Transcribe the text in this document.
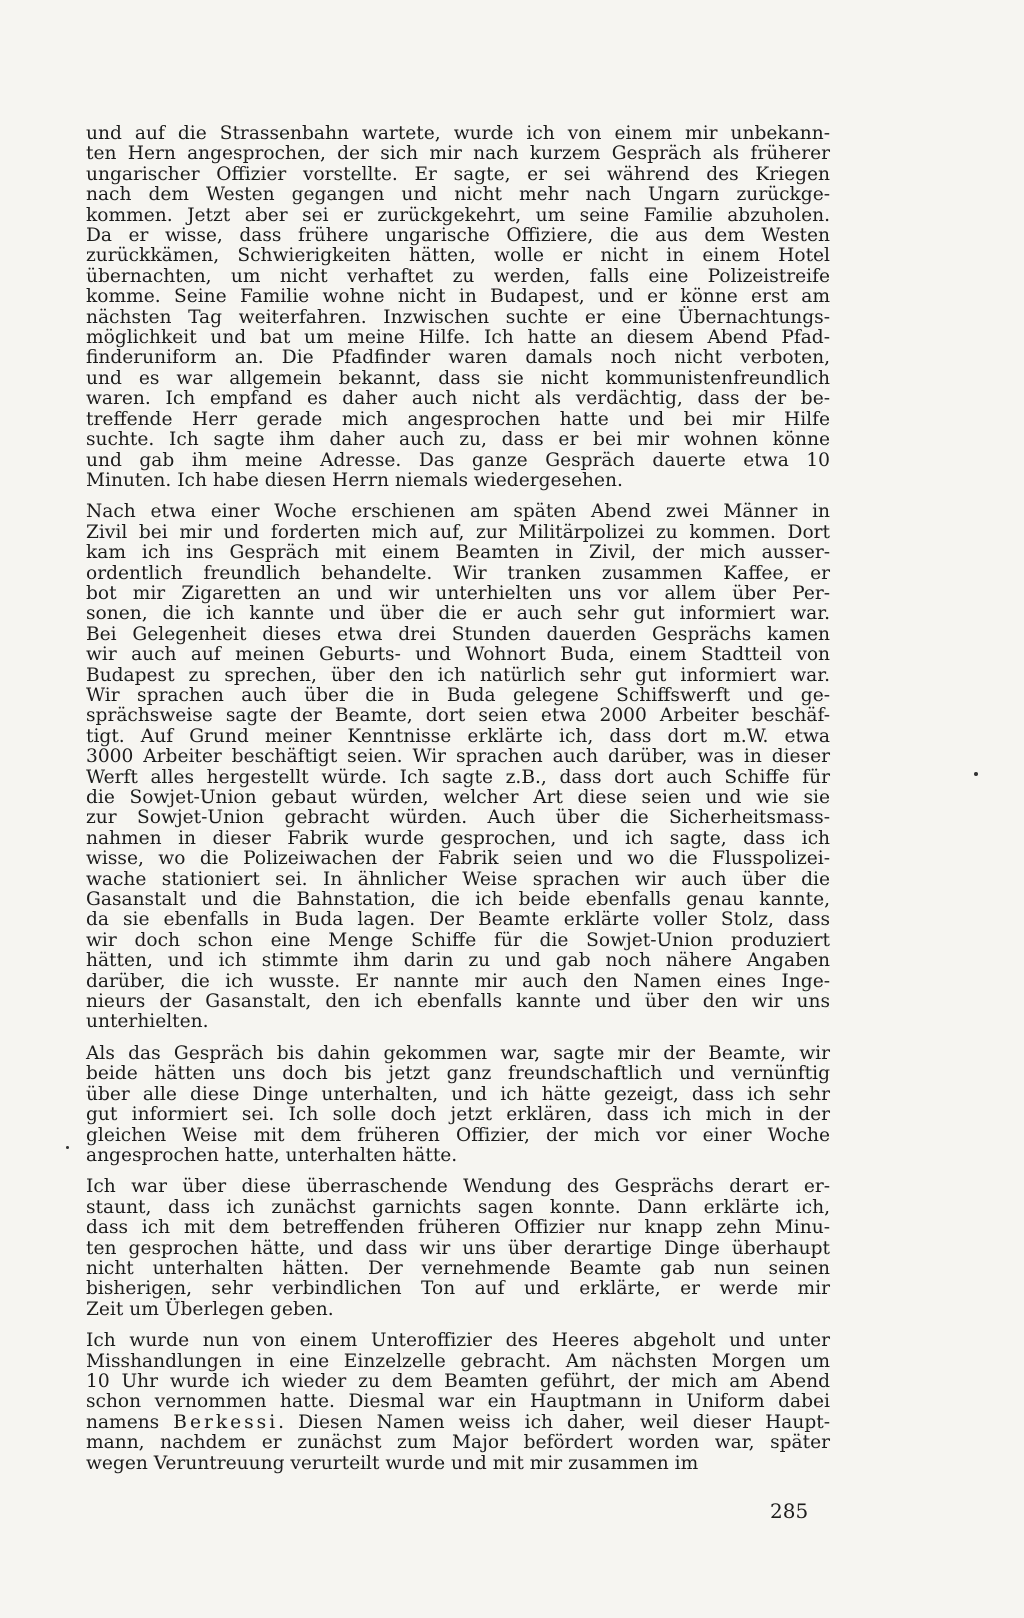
und auf die Strassenbahn wartete, wurde ich von einem mir unbekann-
ten Hern angesprochen, der sich mir nach kurzem Gespräch als früherer
ungarischer Offizier vorstellte. Er sagte, er sei während des Kriegen
nach dem Westen gegangen und nicht mehr nach Ungarn zurückge-
kommen. Jetzt aber sei er zurückgekehrt, um seine Familie abzuholen.
Da er wisse, dass frühere ungarische Offiziere, die aus dem Westen
zurückkämen, Schwierigkeiten hätten, wolle er nicht in einem Hotel
übernachten, um nicht verhaftet zu werden, falls eine Polizeistreife
komme. Seine Familie wohne nicht in Budapest, und er könne erst am
nächsten Tag weiterfahren. Inzwischen suchte er eine Übernachtungs-
möglichkeit und bat um meine Hilfe. Ich hatte an diesem Abend Pfad-
finderuniform an. Die Pfadfinder waren damals noch nicht verboten,
und es war allgemein bekannt, dass sie nicht kommunistenfreundlich
waren. Ich empfand es daher auch nicht als verdächtig, dass der be-
treffende Herr gerade mich angesprochen hatte und bei mir Hilfe
suchte. Ich sagte ihm daher auch zu, dass er bei mir wohnen könne
und gab ihm meine Adresse. Das ganze Gespräch dauerte etwa 10
Minuten. Ich habe diesen Herrn niemals wiedergesehen.
Nach etwa einer Woche erschienen am späten Abend zwei Männer in
Zivil bei mir und forderten mich auf, zur Militärpolizei zu kommen. Dort
kam ich ins Gespräch mit einem Beamten in Zivil, der mich ausser-
ordentlich freundlich behandelte. Wir tranken zusammen Kaffee, er
bot mir Zigaretten an und wir unterhielten uns vor allem über Per-
sonen, die ich kannte und über die er auch sehr gut informiert war.
Bei Gelegenheit dieses etwa drei Stunden dauerden Gesprächs kamen
wir auch auf meinen Geburts- und Wohnort Buda, einem Stadtteil von
Budapest zu sprechen, über den ich natürlich sehr gut informiert war.
Wir sprachen auch über die in Buda gelegene Schiffswerft und ge-
sprächsweise sagte der Beamte, dort seien etwa 2000 Arbeiter beschäf-
tigt. Auf Grund meiner Kenntnisse erklärte ich, dass dort m.W. etwa
3000 Arbeiter beschäftigt seien. Wir sprachen auch darüber, was in dieser
Werft alles hergestellt würde. Ich sagte z.B., dass dort auch Schiffe für
die Sowjet-Union gebaut würden, welcher Art diese seien und wie sie
zur Sowjet-Union gebracht würden. Auch über die Sicherheitsmass-
nahmen in dieser Fabrik wurde gesprochen, und ich sagte, dass ich
wisse, wo die Polizeiwachen der Fabrik seien und wo die Flusspolizei-
wache stationiert sei. In ähnlicher Weise sprachen wir auch über die
Gasanstalt und die Bahnstation, die ich beide ebenfalls genau kannte,
da sie ebenfalls in Buda lagen. Der Beamte erklärte voller Stolz, dass
wir doch schon eine Menge Schiffe für die Sowjet-Union produziert
hätten, und ich stimmte ihm darin zu und gab noch nähere Angaben
darüber, die ich wusste. Er nannte mir auch den Namen eines Inge-
nieurs der Gasanstalt, den ich ebenfalls kannte und über den wir uns
unterhielten.
Als das Gespräch bis dahin gekommen war, sagte mir der Beamte, wir
beide hätten uns doch bis jetzt ganz freundschaftlich und vernünftig
über alle diese Dinge unterhalten, und ich hätte gezeigt, dass ich sehr
gut informiert sei. Ich solle doch jetzt erklären, dass ich mich in der
gleichen Weise mit dem früheren Offizier, der mich vor einer Woche
angesprochen hatte, unterhalten hätte.
Ich war über diese überraschende Wendung des Gesprächs derart er-
staunt, dass ich zunächst garnichts sagen konnte. Dann erklärte ich,
dass ich mit dem betreffenden früheren Offizier nur knapp zehn Minu-
ten gesprochen hätte, und dass wir uns über derartige Dinge überhaupt
nicht unterhalten hätten. Der vernehmende Beamte gab nun seinen
bisherigen, sehr verbindlichen Ton auf und erklärte, er werde mir
Zeit um Überlegen geben.
Ich wurde nun von einem Unteroffizier des Heeres abgeholt und unter
Misshandlungen in eine Einzelzelle gebracht. Am nächsten Morgen um
10 Uhr wurde ich wieder zu dem Beamten geführt, der mich am Abend
schon vernommen hatte. Diesmal war ein Hauptmann in Uniform dabei
namens Berkessi. Diesen Namen weiss ich daher, weil dieser Haupt-
mann, nachdem er zunächst zum Major befördert worden war, später
wegen Veruntreuung verurteilt wurde und mit mir zusammen im
285
